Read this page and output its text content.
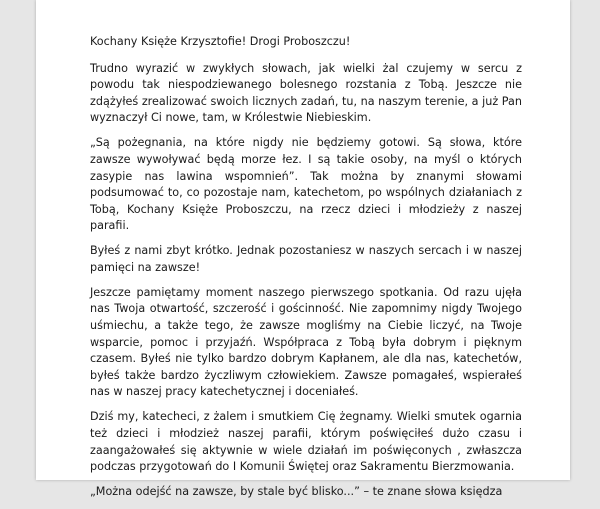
Kochany Księże Krzysztofie! Drogi Proboszczu!

Trudno wyrazić w zwykłych słowach, jak wielki żal czujemy w sercu z powodu tak niespodziewanego bolesnego rozstania z Tobą. Jeszcze nie zdążyłeś zrealizować swoich licznych zadań, tu, na naszym terenie, a już Pan wyznaczył Ci nowe, tam, w Królestwie Niebieskim.

„Są pożegnania, na które nigdy nie będziemy gotowi. Są słowa, które zawsze wywoływać będą morze łez. I są takie osoby, na myśl o których zasypie nas lawina wspomnień”. Tak można by znanymi słowami podsumować to, co pozostaje nam, katechetom, po wspólnych działaniach z Tobą, Kochany Księże Proboszczu, na rzecz dzieci i młodzieży z naszej parafii.

Byłeś z nami zbyt krótko. Jednak pozostaniesz w naszych sercach i w naszej pamięci na zawsze!

Jeszcze pamiętamy moment naszego pierwszego spotkania. Od razu ujęła nas Twoja otwartość, szczerość i gościnność. Nie zapomnimy nigdy Twojego uśmiechu, a także tego, że zawsze mogliśmy na Ciebie liczyć, na Twoje wsparcie, pomoc i przyjaźń. Współpraca z Tobą była dobrym i pięknym czasem. Byłeś nie tylko bardzo dobrym Kapłanem, ale dla nas, katechetów, byłeś także bardzo życzliwym człowiekiem. Zawsze pomagałeś, wspierałeś nas w naszej pracy katechetycznej i doceniałeś.

Dziś my, katecheci, z żalem i smutkiem Cię żegnamy. Wielki smutek ogarnia też dzieci i młodzież naszej parafii, którym poświęciłeś dużo czasu i zaangażowałeś się aktywnie w wiele działań im poświęconych , zwłaszcza podczas przygotowań do I Komunii Świętej oraz Sakramentu Bierzmowania.

„Można odejść na zawsze, by stale być blisko...” – te znane słowa księdza
